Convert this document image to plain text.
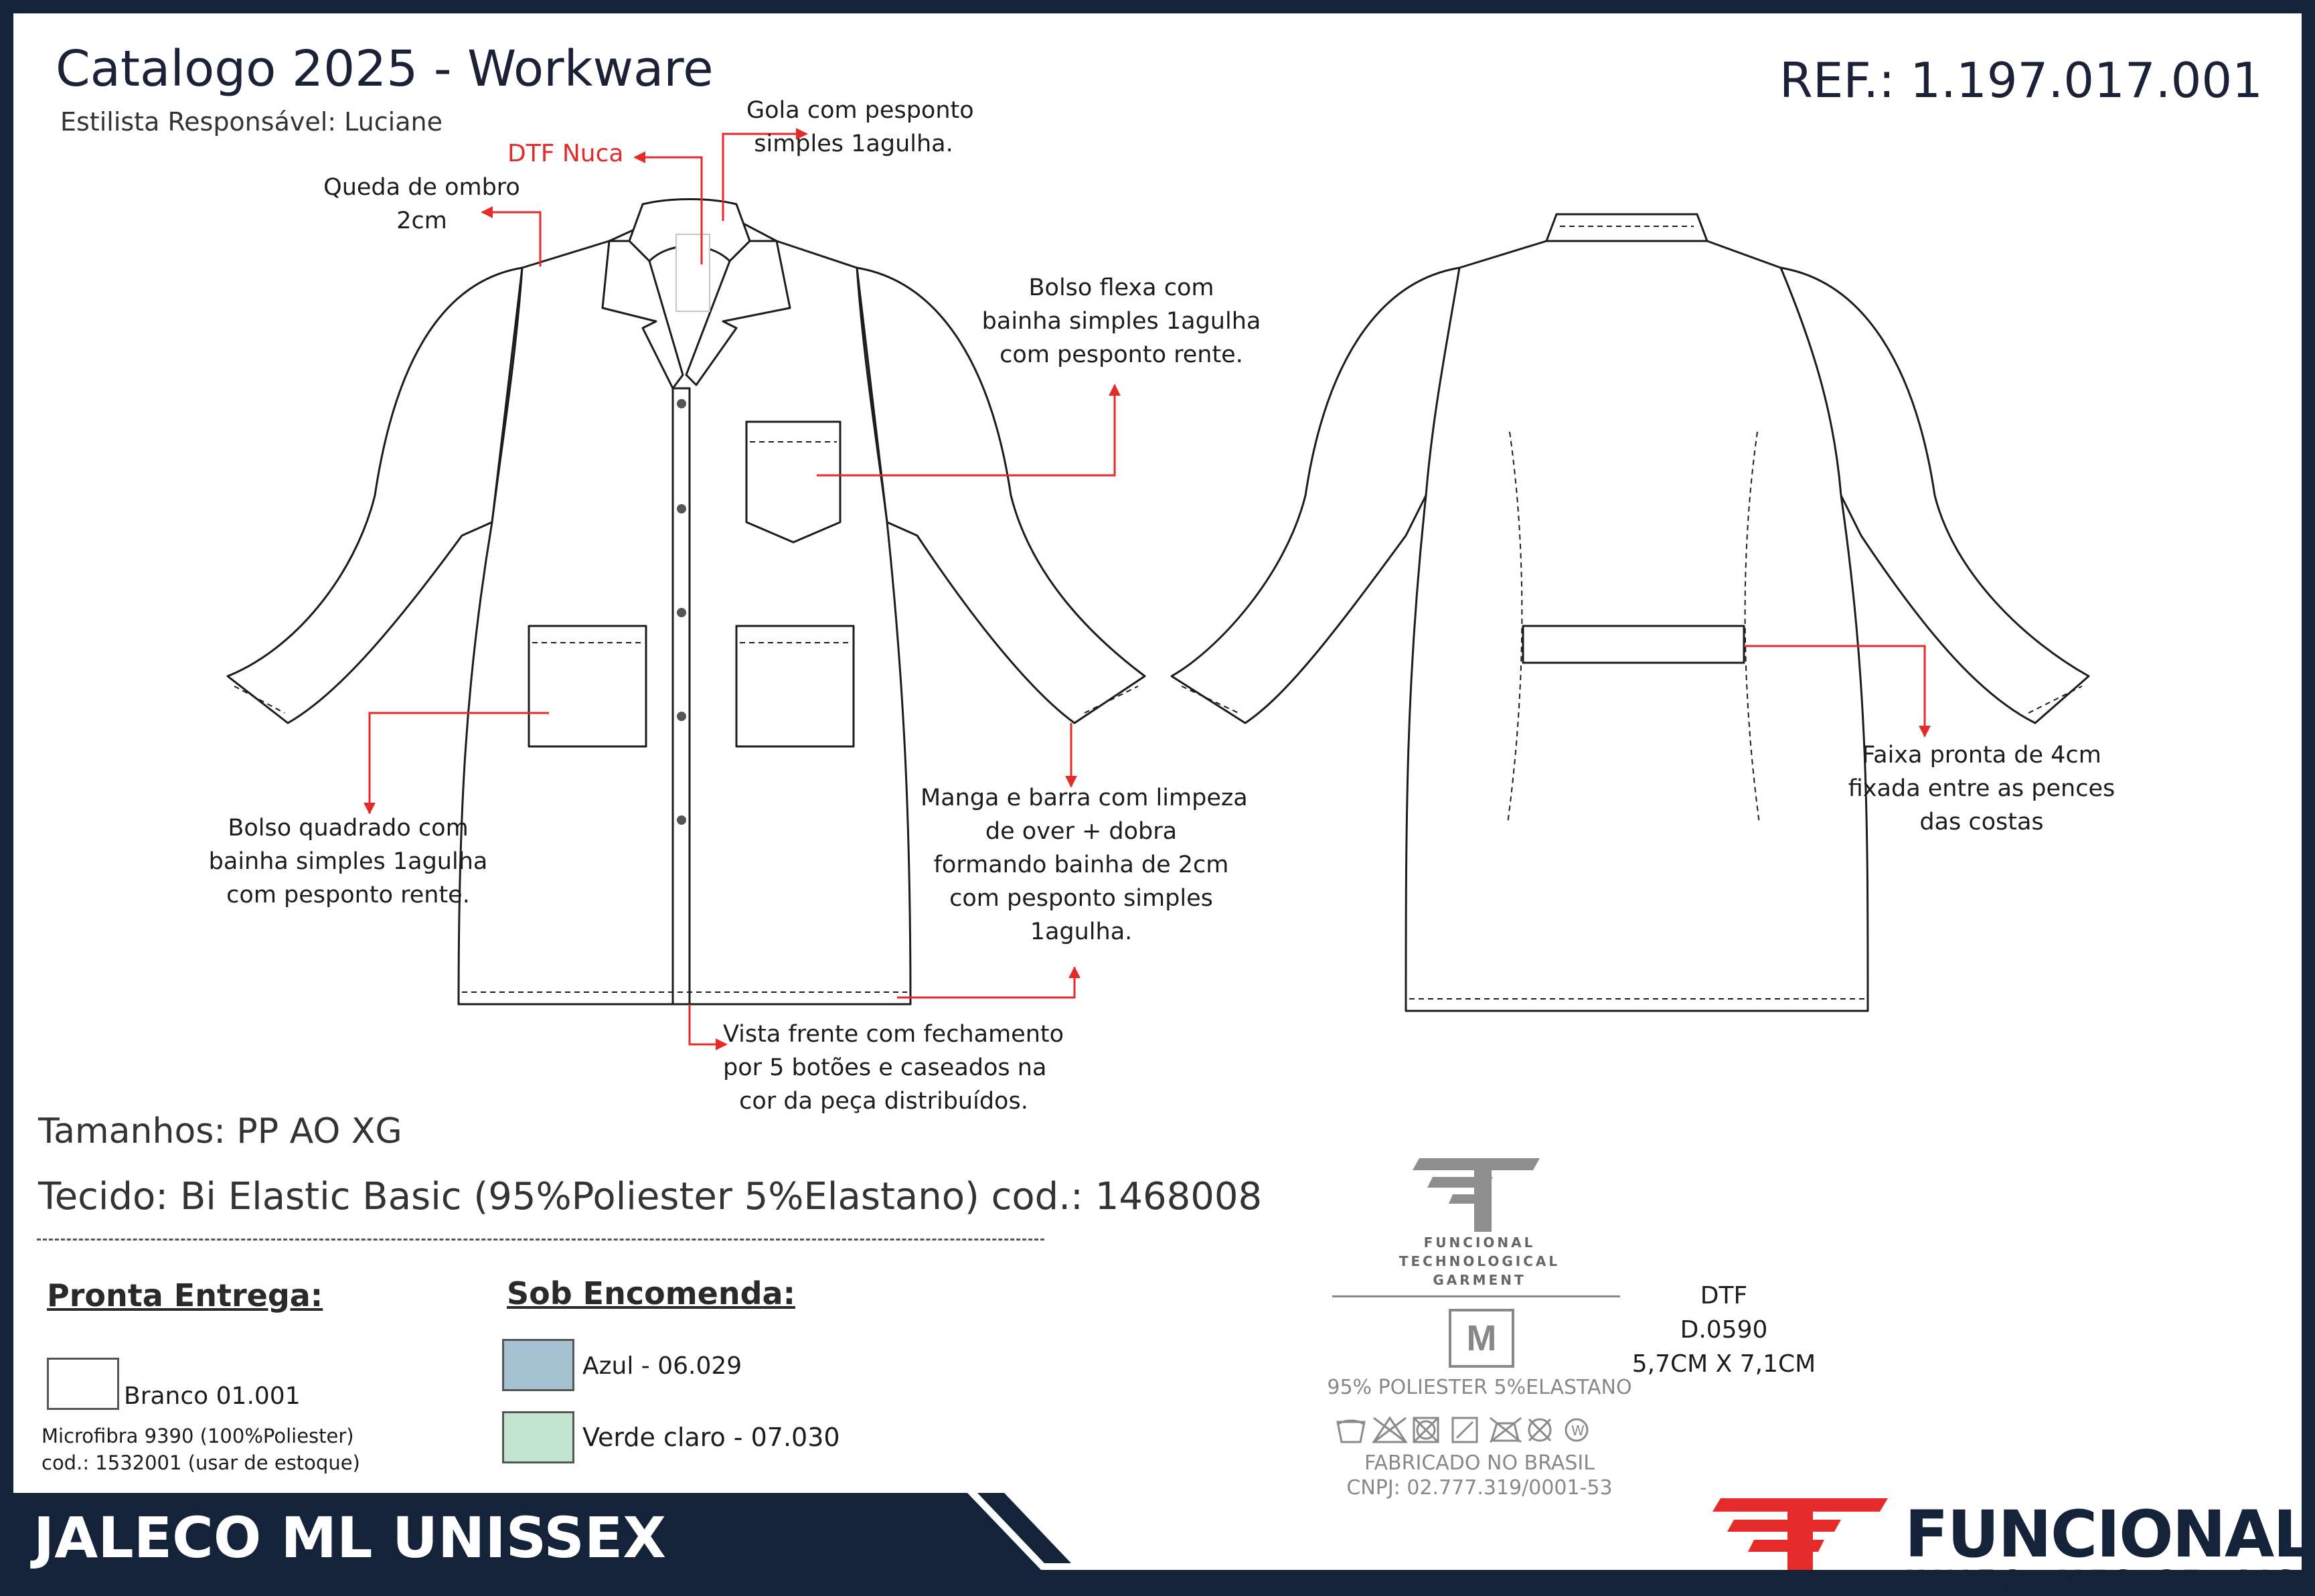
Catalogo 2025 - Workware
Estilista Responsável: Luciane
REF.: 1.197.017.001
DTF Nuca
Gola com pesponto
simples 1agulha.
Queda de ombro
2cm
Bolso flexa com
bainha simples 1agulha
com pesponto rente.
Bolso quadrado com
bainha simples 1agulha
com pesponto rente.
Manga e barra com limpeza
de over + dobra
formando bainha de 2cm
com pesponto simples
1agulha.
Vista frente com fechamento
por 5 botões e caseados na
cor da peça distribuídos.
Faixa pronta de 4cm
fixada entre as pences
das costas
Tamanhos: PP AO XG
Tecido: Bi Elastic Basic (95%Poliester 5%Elastano) cod.: 1468008
Pronta Entrega:	Sob Encomenda:
Branco 01.001
Microfibra 9390 (100%Poliester)
cod.: 1532001 (usar de estoque)
Azul - 06.029
Verde claro - 07.030
FUNCIONAL
TECHNOLOGICAL
GARMENT
M
95% POLIESTER 5%ELASTANO
W
FABRICADO NO BRASIL
CNPJ: 02.777.319/0001-53
DTF
D.0590
5,7CM X 7,1CM
JALECO ML UNISSEX	FUNCIONAL
UNIFORMES GERAIS
